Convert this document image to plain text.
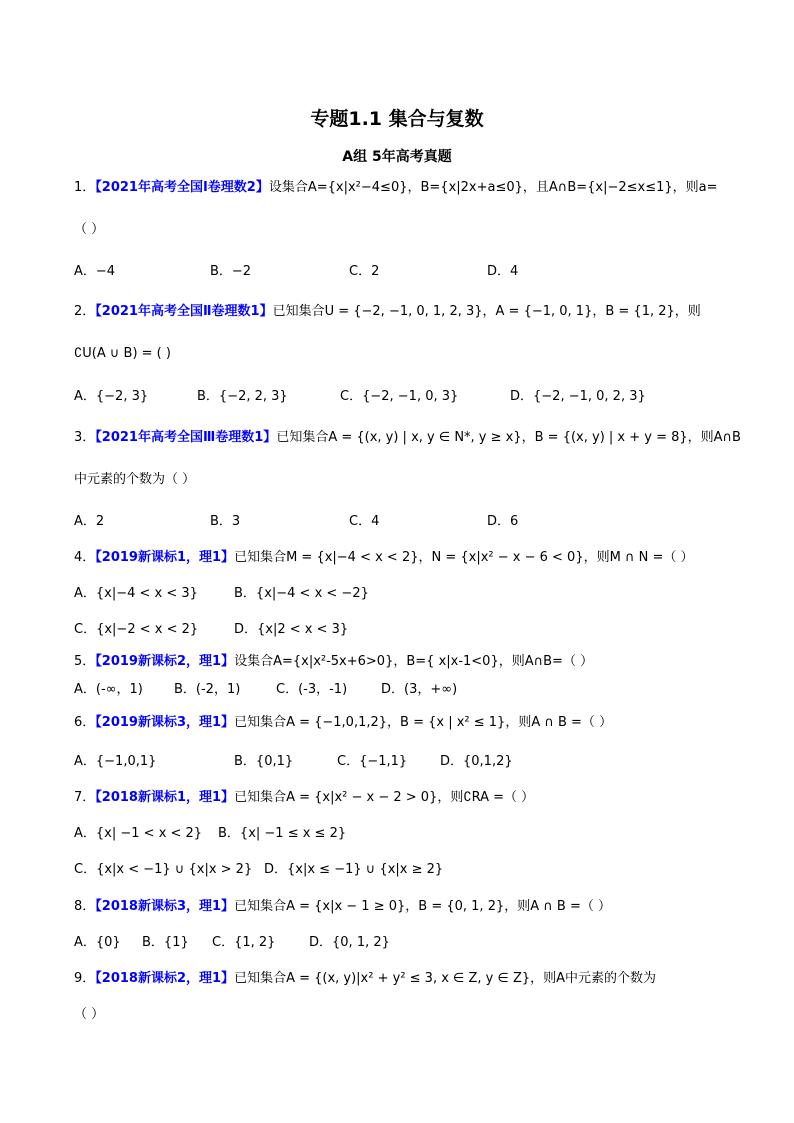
专题1.1 集合与复数
A组 5年高考真题
1．【2021年高考全国Ⅰ卷理数2】设集合A={x|x²−4≤0}，B={x|2x+a≤0}，且A∩B={x|−2≤x≤1}，则a=
（ ）
A．−4	B．−2	C．2	D．4
2．【2021年高考全国Ⅱ卷理数1】已知集合U = {−2, −1, 0, 1, 2, 3}，A = {−1, 0, 1}，B = {1, 2}，则
∁U(A ∪ B) = ( )
A．{−2, 3}	B．{−2, 2, 3}	C．{−2, −1, 0, 3}	D．{−2, −1, 0, 2, 3}
3．【2021年高考全国Ⅲ卷理数1】已知集合A = {(x, y) | x, y ∈ N*, y ≥ x}，B = {(x, y) | x + y = 8}，则A∩B
中元素的个数为（ ）
A．2	B．3	C．4	D．6
4．【2019新课标1，理1】已知集合M = {x|−4 < x < 2}，N = {x|x² − x − 6 < 0}，则M ∩ N =（ ）
A．{x|−4 < x < 3}	B．{x|−4 < x < −2}
C．{x|−2 < x < 2}	D．{x|2 < x < 3}
5．【2019新课标2，理1】设集合A={x|x²-5x+6>0}，B={ x|x-1<0}，则A∩B=（ ）
A．(-∞，1) B．(-2，1)	C．(-3，-1)	D．(3，+∞)
6．【2019新课标3，理1】已知集合A = {−1,0,1,2}，B = {x | x² ≤ 1}，则A ∩ B =（ ）
A．{−1,0,1}	B．{0,1}	C．{−1,1}	D．{0,1,2}
7．【2018新课标1，理1】已知集合A = {x|x² − x − 2 > 0}，则∁RA =（ ）
A．{x| −1 < x < 2} B．{x| −1 ≤ x ≤ 2}
C．{x|x < −1} ∪ {x|x > 2} D．{x|x ≤ −1} ∪ {x|x ≥ 2}
8．【2018新课标3，理1】已知集合A = {x|x − 1 ≥ 0}，B = {0, 1, 2}，则A ∩ B =（ ）
A．{0} B．{1} C．{1, 2}	D．{0, 1, 2}
9．【2018新课标2，理1】已知集合A = {(x, y)|x² + y² ≤ 3, x ∈ Z, y ∈ Z}，则A中元素的个数为
（ ）
